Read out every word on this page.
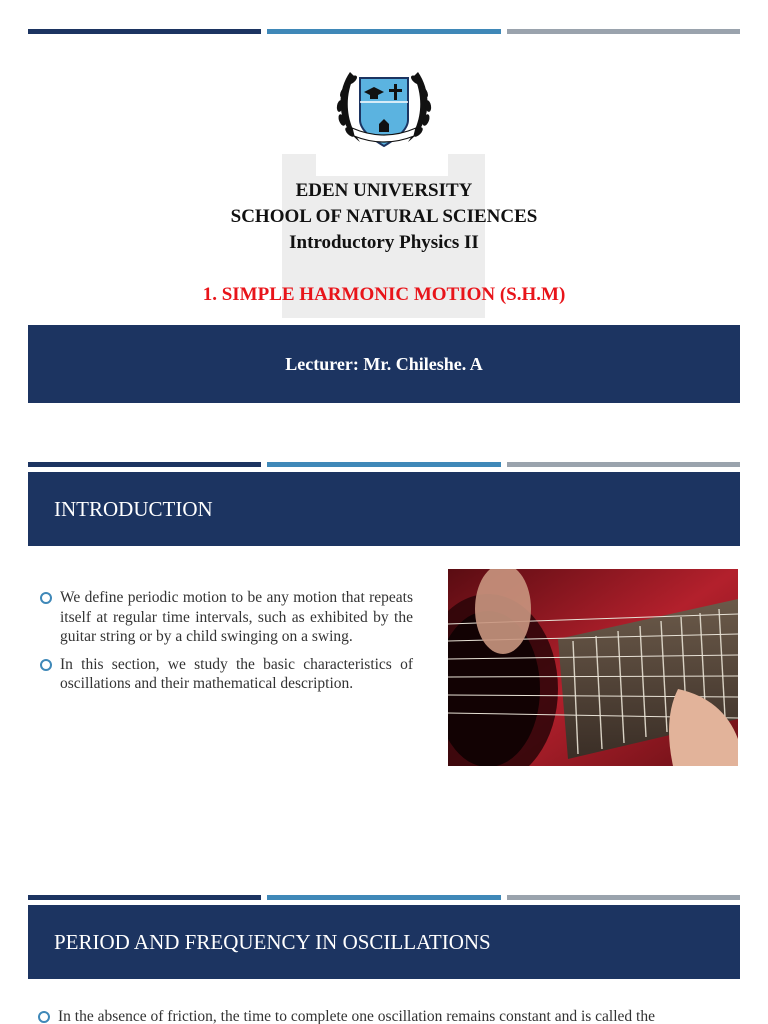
EDEN UNIVERSITY
SCHOOL OF NATURAL SCIENCES
Introductory Physics II
1. SIMPLE HARMONIC MOTION (S.H.M)
Lecturer: Mr. Chileshe. A
INTRODUCTION
We define periodic motion to be any motion that repeats itself at regular time intervals, such as exhibited by the guitar string or by a child swinging on a swing.
In this section, we study the basic characteristics of oscillations and their mathematical description.
PERIOD AND FREQUENCY IN OSCILLATIONS
In the absence of friction, the time to complete one oscillation remains constant and is called the
